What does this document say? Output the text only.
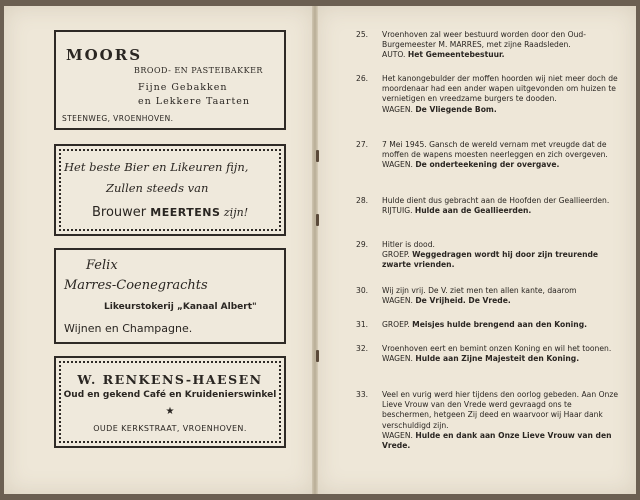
MOORS
BROOD- EN PASTEIBAKKER
Fijne Gebakken
en Lekkere Taarten
STEENWEG, VROENHOVEN.
Het beste Bier en Likeuren fijn,
Zullen steeds van
Brouwer MEERTENS zijn!
Felix
Marres-Coenegrachts
Likeurstokerij „Kanaal Albert"
Wijnen en Champagne.
W. RENKENS-HAESEN
Oud en gekend Café en Kruidenierswinkel
★
OUDE KERKSTRAAT, VROENHOVEN.
25. Vroenhoven zal weer bestuurd worden door den Oud-Burgemeester M. MARRES, met zijne Raadsleden.
AUTO. Het Gemeentebestuur.
26. Het kanongebulder der moffen hoorden wij niet meer doch de moordenaar had een ander wapen uitgevonden om huizen te vernietigen en vreedzame burgers te dooden.
WAGEN. De Vliegende Bom.
27. 7 Mei 1945. Gansch de wereld vernam met vreugde dat de moffen de wapens moesten neerleggen en zich overgeven.
WAGEN. De onderteekening der overgave.
28. Hulde dient dus gebracht aan de Hoofden der Geallieerden.
RIJTUIG. Hulde aan de Geallieerden.
29. Hitler is dood.
GROEP. Weggedragen wordt hij door zijn treurende zwarte vrienden.
30. Wij zijn vrij. De V. ziet men ten allen kante, daarom
WAGEN. De Vrijheid. De Vrede.
31. GROEP. Meisjes hulde brengend aan den Koning.
32. Vroenhoven eert en bemint onzen Koning en wil het toonen.
WAGEN. Hulde aan Zijne Majesteit den Koning.
33. Veel en vurig werd hier tijdens den oorlog gebeden. Aan Onze Lieve Vrouw van den Vrede werd gevraagd ons te beschermen, hetgeen Zij deed en waarvoor wij Haar dank verschuldigd zijn.
WAGEN. Hulde en dank aan Onze Lieve Vrouw van den Vrede.
